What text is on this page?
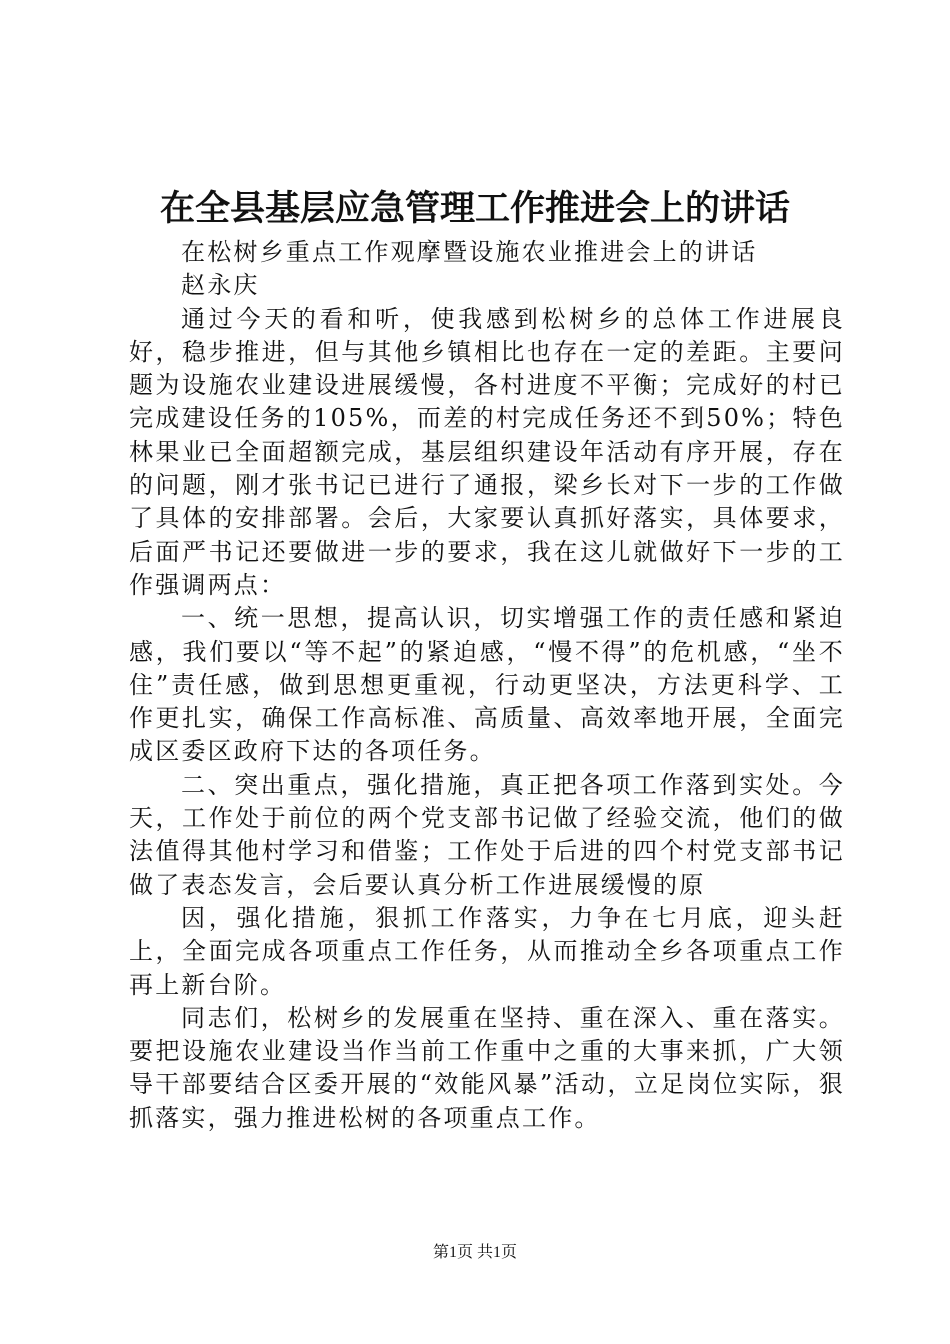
在全县基层应急管理工作推进会上的讲话

在松树乡重点工作观摩暨设施农业推进会上的讲话

赵永庆

通过今天的看和听，使我感到松树乡的总体工作进展良好，稳步推进，但与其他乡镇相比也存在一定的差距。主要问题为设施农业建设进展缓慢，各村进度不平衡；完成好的村已完成建设任务的105%，而差的村完成任务还不到50%；特色林果业已全面超额完成，基层组织建设年活动有序开展，存在的问题，刚才张书记已进行了通报，梁乡长对下一步的工作做了具体的安排部署。会后，大家要认真抓好落实，具体要求，后面严书记还要做进一步的要求，我在这儿就做好下一步的工作强调两点：

一、统一思想，提高认识，切实增强工作的责任感和紧迫感，我们要以“等不起”的紧迫感，“慢不得”的危机感，“坐不住”责任感，做到思想更重视，行动更坚决，方法更科学、工作更扎实，确保工作高标准、高质量、高效率地开展，全面完成区委区政府下达的各项任务。

二、突出重点，强化措施，真正把各项工作落到实处。今天，工作处于前位的两个党支部书记做了经验交流，他们的做法值得其他村学习和借鉴；工作处于后进的四个村党支部书记做了表态发言，会后要认真分析工作进展缓慢的原

因，强化措施，狠抓工作落实，力争在七月底，迎头赶上，全面完成各项重点工作任务，从而推动全乡各项重点工作再上新台阶。

同志们，松树乡的发展重在坚持、重在深入、重在落实。要把设施农业建设当作当前工作重中之重的大事来抓，广大领导干部要结合区委开展的“效能风暴”活动，立足岗位实际，狠抓落实，强力推进松树的各项重点工作。

第1页 共1页
